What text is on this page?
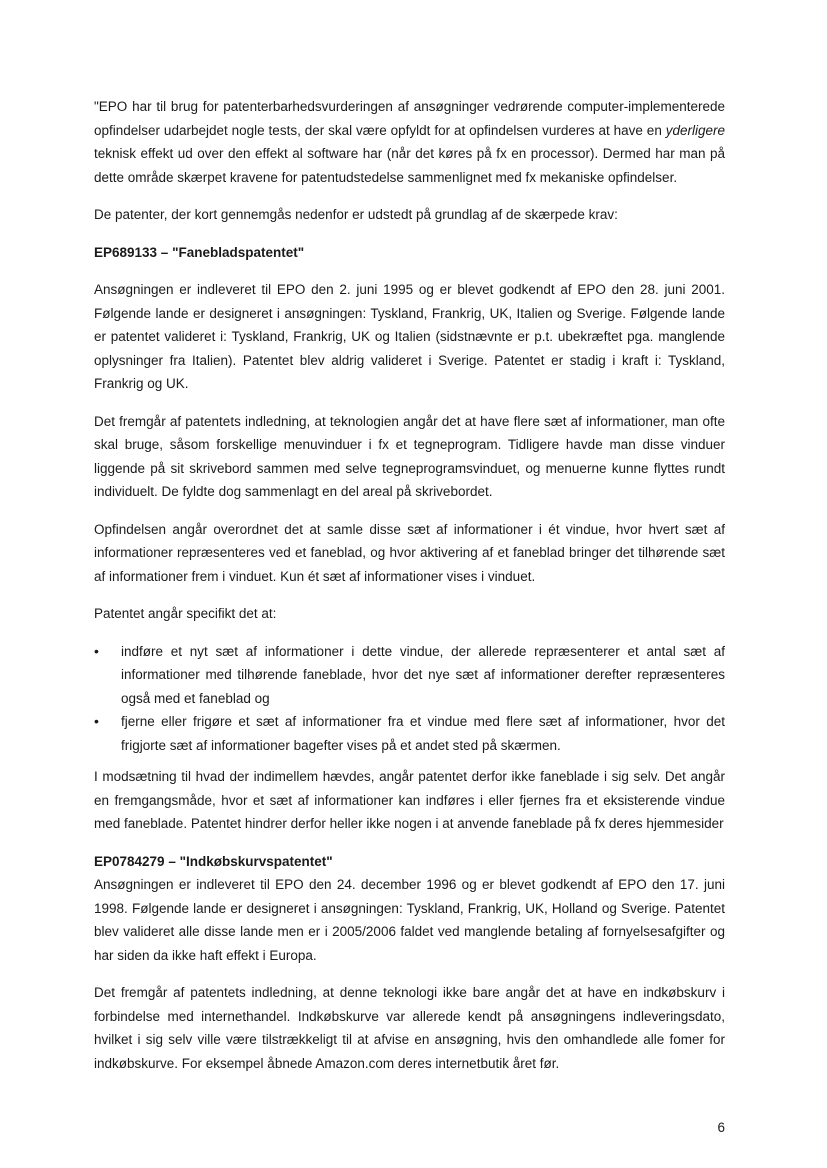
"EPO har til brug for patenterbarhedsvurderingen af ansøgninger vedrørende computer-implementerede opfindelser udarbejdet nogle tests, der skal være opfyldt for at opfindelsen vurderes at have en yderligere teknisk effekt ud over den effekt al software har (når det køres på fx en processor). Dermed har man på dette område skærpet kravene for patentudstedelse sammenlignet med fx mekaniske opfindelser.

De patenter, der kort gennemgås nedenfor er udstedt på grundlag af de skærpede krav:

EP689133 – "Fanebladspatentet"

Ansøgningen er indleveret til EPO den 2. juni 1995 og er blevet godkendt af EPO den 28. juni 2001. Følgende lande er designeret i ansøgningen: Tyskland, Frankrig, UK, Italien og Sverige. Følgende lande er patentet valideret i: Tyskland, Frankrig, UK og Italien (sidstnævnte er p.t. ubekræftet pga. manglende oplysninger fra Italien). Patentet blev aldrig valideret i Sverige. Patentet er stadig i kraft i: Tyskland, Frankrig og UK.

Det fremgår af patentets indledning, at teknologien angår det at have flere sæt af informationer, man ofte skal bruge, såsom forskellige menuvinduer i fx et tegneprogram. Tidligere havde man disse vinduer liggende på sit skrivebord sammen med selve tegneprogramsvinduet, og menuerne kunne flyttes rundt individuelt. De fyldte dog sammenlagt en del areal på skrivebordet.

Opfindelsen angår overordnet det at samle disse sæt af informationer i ét vindue, hvor hvert sæt af informationer repræsenteres ved et faneblad, og hvor aktivering af et faneblad bringer det tilhørende sæt af informationer frem i vinduet. Kun ét sæt af informationer vises i vinduet.

Patentet angår specifikt det at:

• indføre et nyt sæt af informationer i dette vindue, der allerede repræsenterer et antal sæt af informationer med tilhørende faneblade, hvor det nye sæt af informationer derefter repræsenteres også med et faneblad og
• fjerne eller frigøre et sæt af informationer fra et vindue med flere sæt af informationer, hvor det frigjorte sæt af informationer bagefter vises på et andet sted på skærmen.

I modsætning til hvad der indimellem hævdes, angår patentet derfor ikke faneblade i sig selv. Det angår en fremgangsmåde, hvor et sæt af informationer kan indføres i eller fjernes fra et eksisterende vindue med faneblade. Patentet hindrer derfor heller ikke nogen i at anvende faneblade på fx deres hjemmesider

EP0784279 – "Indkøbskurvspatentet"

Ansøgningen er indleveret til EPO den 24. december 1996 og er blevet godkendt af EPO den 17. juni 1998. Følgende lande er designeret i ansøgningen: Tyskland, Frankrig, UK, Holland og Sverige. Patentet blev valideret alle disse lande men er i 2005/2006 faldet ved manglende betaling af fornyelsesafgifter og har siden da ikke haft effekt i Europa.

Det fremgår af patentets indledning, at denne teknologi ikke bare angår det at have en indkøbskurv i forbindelse med internethandel. Indkøbskurve var allerede kendt på ansøgningens indleveringsdato, hvilket i sig selv ville være tilstrækkeligt til at afvise en ansøgning, hvis den omhandlede alle fomer for indkøbskurve. For eksempel åbnede Amazon.com deres internetbutik året før.

6
